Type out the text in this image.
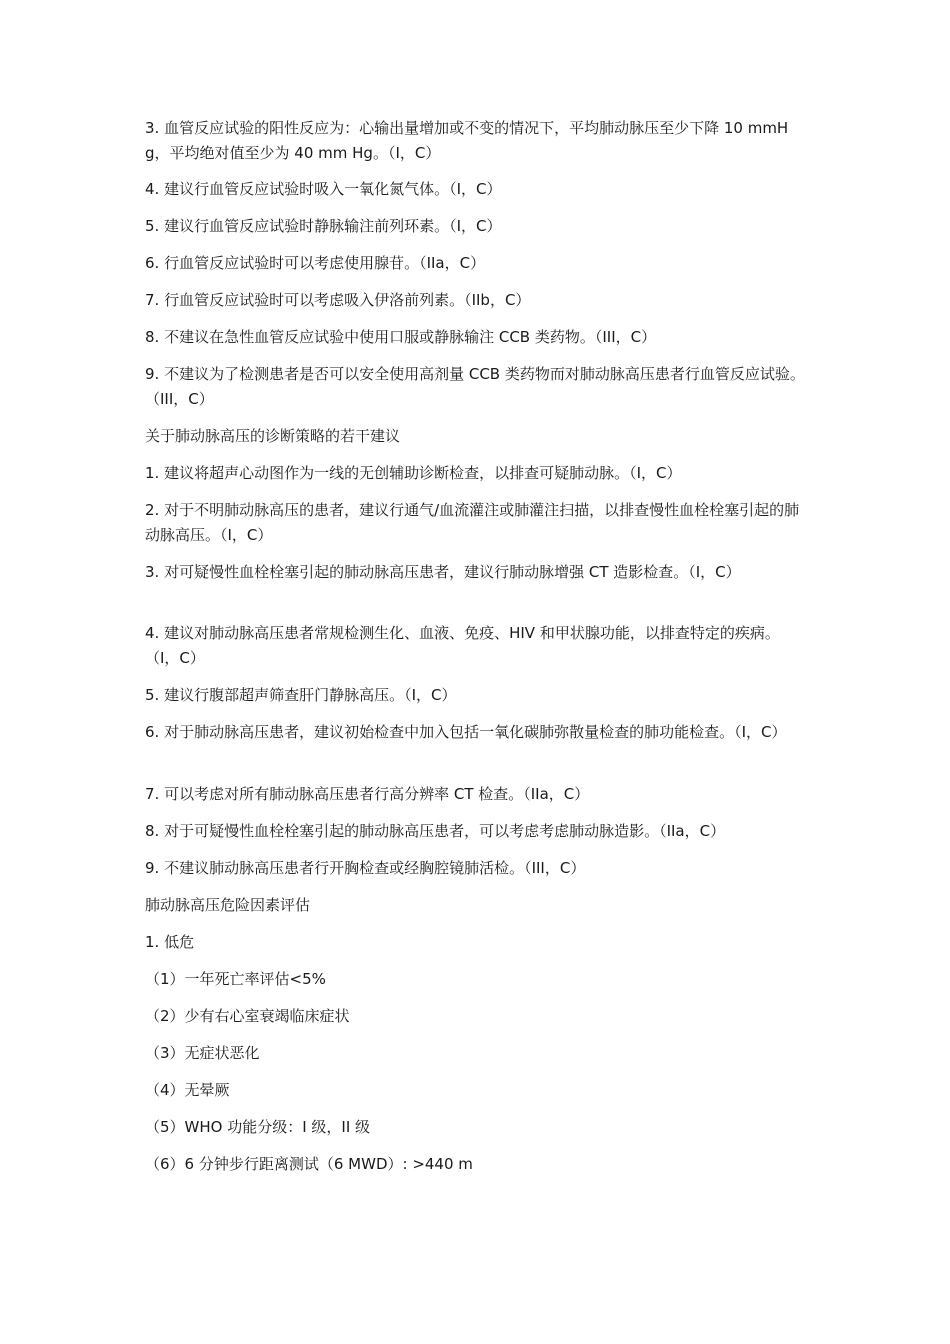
3. 血管反应试验的阳性反应为：心输出量增加或不变的情况下，平均肺动脉压至少下降 10 mmHg，平均绝对值至少为 40 mm Hg。（I，C）

4. 建议行血管反应试验时吸入一氧化氮气体。（I，C）

5. 建议行血管反应试验时静脉输注前列环素。（I，C）

6. 行血管反应试验时可以考虑使用腺苷。（IIa，C）

7. 行血管反应试验时可以考虑吸入伊洛前列素。（IIb，C）

8. 不建议在急性血管反应试验中使用口服或静脉输注 CCB 类药物。（III，C）

9. 不建议为了检测患者是否可以安全使用高剂量 CCB 类药物而对肺动脉高压患者行血管反应试验。（III，C）

关于肺动脉高压的诊断策略的若干建议

1. 建议将超声心动图作为一线的无创辅助诊断检查，以排查可疑肺动脉。（I，C）

2. 对于不明肺动脉高压的患者，建议行通气/血流灌注或肺灌注扫描，以排查慢性血栓栓塞引起的肺动脉高压。（I，C）

3. 对可疑慢性血栓栓塞引起的肺动脉高压患者，建议行肺动脉增强 CT 造影检查。（I，C）

4. 建议对肺动脉高压患者常规检测生化、血液、免疫、HIV 和甲状腺功能，以排查特定的疾病。（I，C）

5. 建议行腹部超声筛查肝门静脉高压。（I，C）

6. 对于肺动脉高压患者，建议初始检查中加入包括一氧化碳肺弥散量检查的肺功能检查。（I，C）

7. 可以考虑对所有肺动脉高压患者行高分辨率 CT 检查。（IIa，C）

8. 对于可疑慢性血栓栓塞引起的肺动脉高压患者，可以考虑考虑肺动脉造影。（IIa，C）

9. 不建议肺动脉高压患者行开胸检查或经胸腔镜肺活检。（III，C）

肺动脉高压危险因素评估

1. 低危

（1）一年死亡率评估<5%

（2）少有右心室衰竭临床症状

（3）无症状恶化

（4）无晕厥

（5）WHO 功能分级：I 级，II 级

（6）6 分钟步行距离测试（6 MWD）: >440 m
